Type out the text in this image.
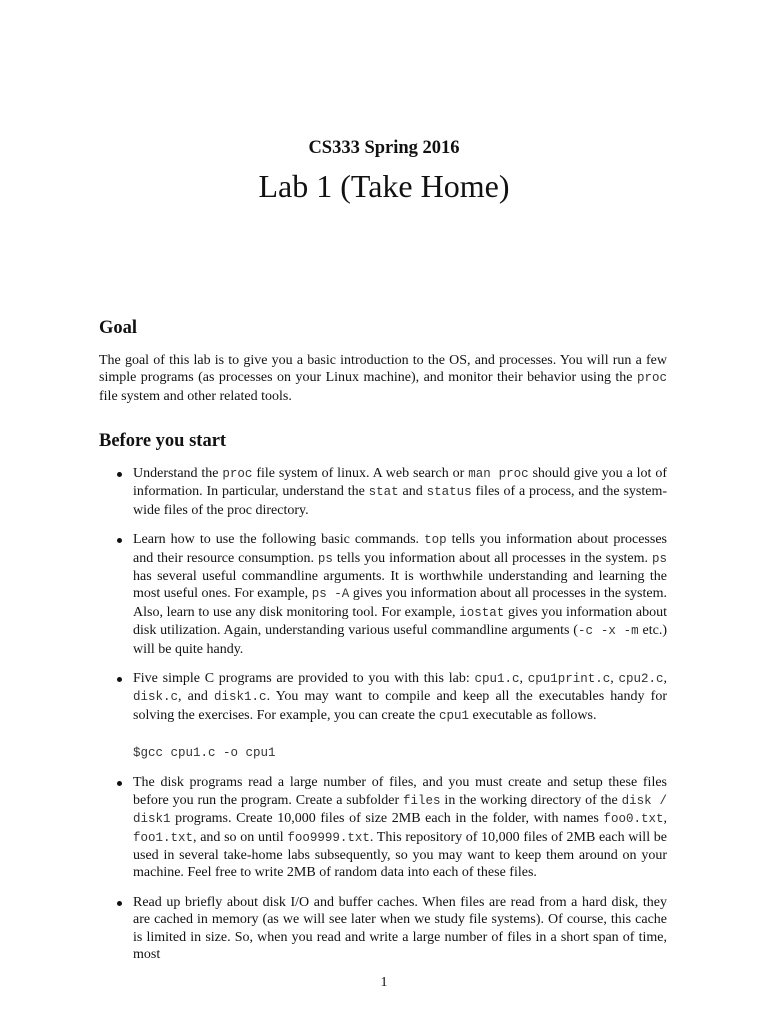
CS333 Spring 2016
Lab 1 (Take Home)
Goal

The goal of this lab is to give you a basic introduction to the OS, and processes. You will run a few simple programs (as processes on your Linux machine), and monitor their behavior using the proc file system and other related tools.

Before you start
Understand the proc file system of linux. A web search or man proc should give you a lot of information. In particular, understand the stat and status files of a process, and the system-wide files of the proc directory.
Learn how to use the following basic commands. top tells you information about processes and their resource consumption. ps tells you information about all processes in the system. ps has several useful commandline arguments. It is worthwhile understanding and learning the most useful ones. For example, ps -A gives you information about all processes in the system. Also, learn to use any disk monitoring tool. For example, iostat gives you information about disk utilization. Again, understanding various useful commandline arguments (-c -x -m etc.) will be quite handy.
Five simple C programs are provided to you with this lab: cpu1.c, cpu1print.c, cpu2.c, disk.c, and disk1.c. You may want to compile and keep all the executables handy for solving the exercises. For example, you can create the cpu1 executable as follows.
$gcc cpu1.c -o cpu1
The disk programs read a large number of files, and you must create and setup these files before you run the program. Create a subfolder files in the working directory of the disk / disk1 programs. Create 10,000 files of size 2MB each in the folder, with names foo0.txt, foo1.txt, and so on until foo9999.txt. This repository of 10,000 files of 2MB each will be used in several take-home labs subsequently, so you may want to keep them around on your machine. Feel free to write 2MB of random data into each of these files.
Read up briefly about disk I/O and buffer caches. When files are read from a hard disk, they are cached in memory (as we will see later when we study file systems). Of course, this cache is limited in size. So, when you read and write a large number of files in a short span of time, most
1
